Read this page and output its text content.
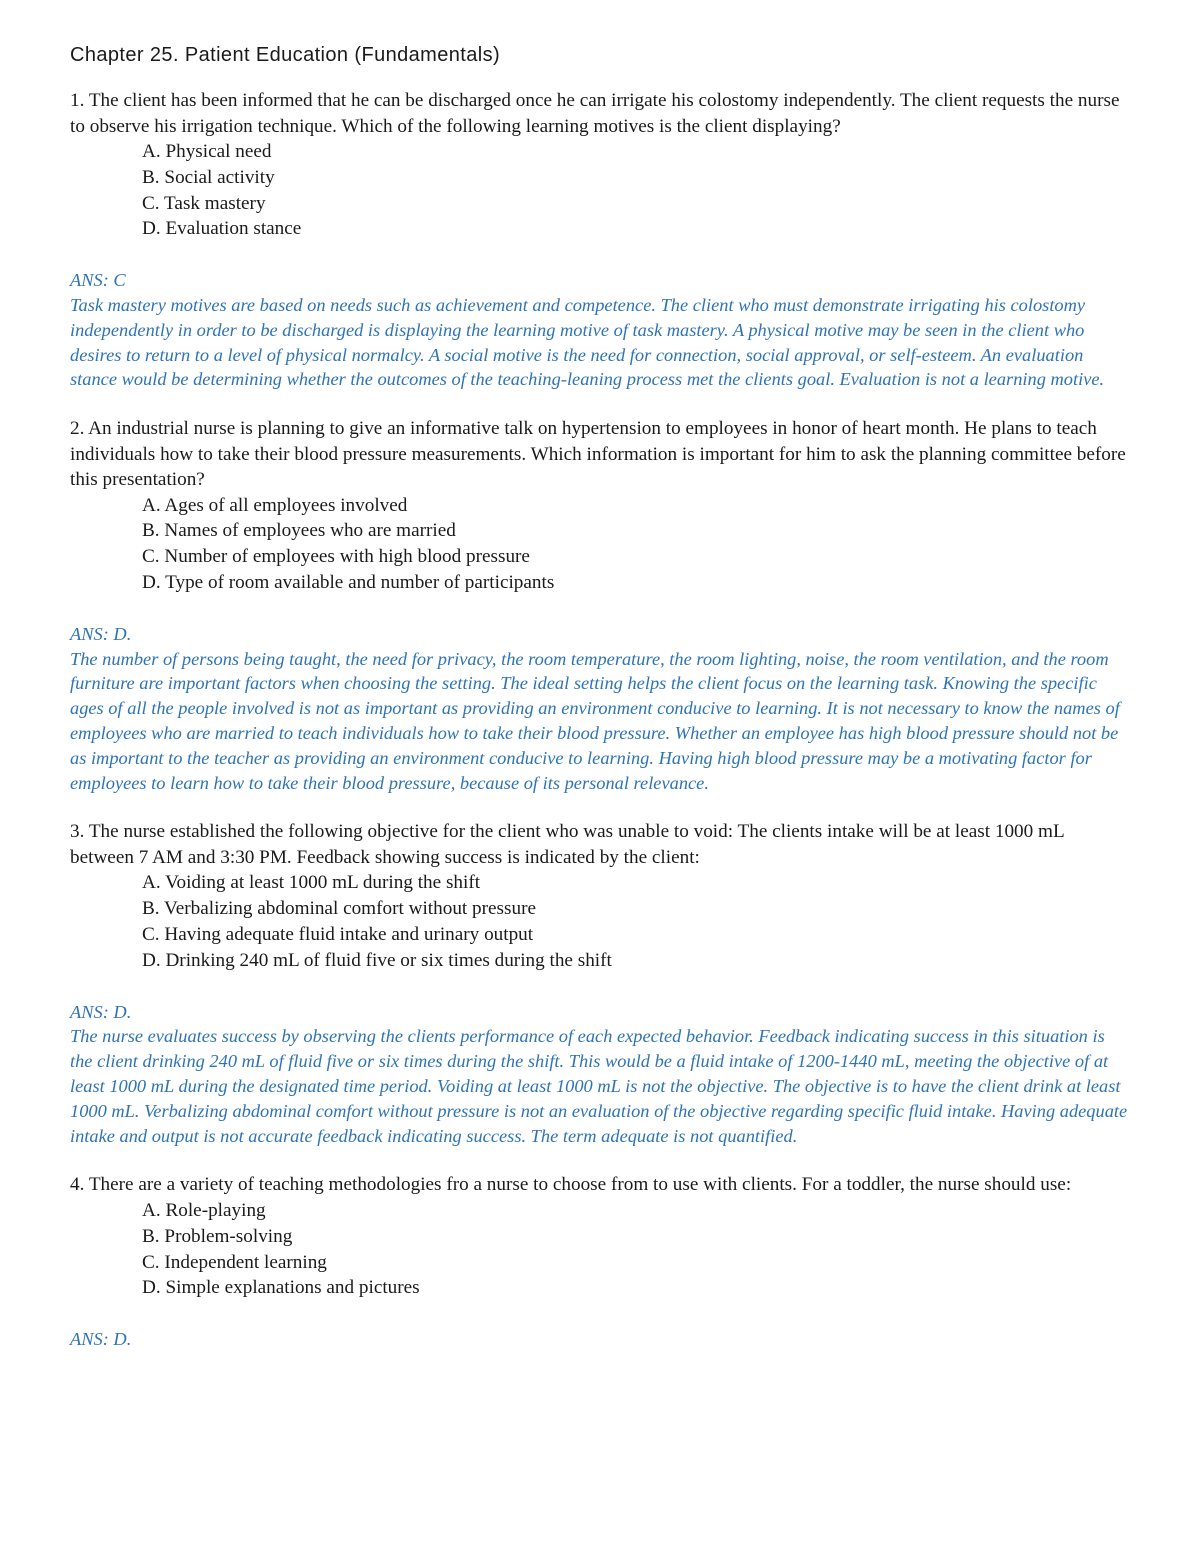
Chapter 25. Patient Education (Fundamentals)

1. The client has been informed that he can be discharged once he can irrigate his colostomy independently. The client requests the nurse to observe his irrigation technique. Which of the following learning motives is the client displaying?

A. Physical need
B. Social activity
C. Task mastery
D. Evaluation stance
ANS: C
Task mastery motives are based on needs such as achievement and competence. The client who must demonstrate irrigating his colostomy independently in order to be discharged is displaying the learning motive of task mastery. A physical motive may be seen in the client who desires to return to a level of physical normalcy. A social motive is the need for connection, social approval, or self-esteem. An evaluation stance would be determining whether the outcomes of the teaching-leaning process met the clients goal. Evaluation is not a learning motive.

2. An industrial nurse is planning to give an informative talk on hypertension to employees in honor of heart month. He plans to teach individuals how to take their blood pressure measurements. Which information is important for him to ask the planning committee before this presentation?

A. Ages of all employees involved
B. Names of employees who are married
C. Number of employees with high blood pressure
D. Type of room available and number of participants
ANS: D.
The number of persons being taught, the need for privacy, the room temperature, the room lighting, noise, the room ventilation, and the room furniture are important factors when choosing the setting. The ideal setting helps the client focus on the learning task. Knowing the specific ages of all the people involved is not as important as providing an environment conducive to learning. It is not necessary to know the names of employees who are married to teach individuals how to take their blood pressure. Whether an employee has high blood pressure should not be as important to the teacher as providing an environment conducive to learning. Having high blood pressure may be a motivating factor for employees to learn how to take their blood pressure, because of its personal relevance.

3. The nurse established the following objective for the client who was unable to void: The clients intake will be at least 1000 mL between 7 AM and 3:30 PM. Feedback showing success is indicated by the client:

A. Voiding at least 1000 mL during the shift
B. Verbalizing abdominal comfort without pressure
C. Having adequate fluid intake and urinary output
D. Drinking 240 mL of fluid five or six times during the shift
ANS: D.
The nurse evaluates success by observing the clients performance of each expected behavior. Feedback indicating success in this situation is the client drinking 240 mL of fluid five or six times during the shift. This would be a fluid intake of 1200-1440 mL, meeting the objective of at least 1000 mL during the designated time period. Voiding at least 1000 mL is not the objective. The objective is to have the client drink at least 1000 mL. Verbalizing abdominal comfort without pressure is not an evaluation of the objective regarding specific fluid intake. Having adequate intake and output is not accurate feedback indicating success. The term adequate is not quantified.

4. There are a variety of teaching methodologies fro a nurse to choose from to use with clients. For a toddler, the nurse should use:

A. Role-playing
B. Problem-solving
C. Independent learning
D. Simple explanations and pictures
ANS: D.
